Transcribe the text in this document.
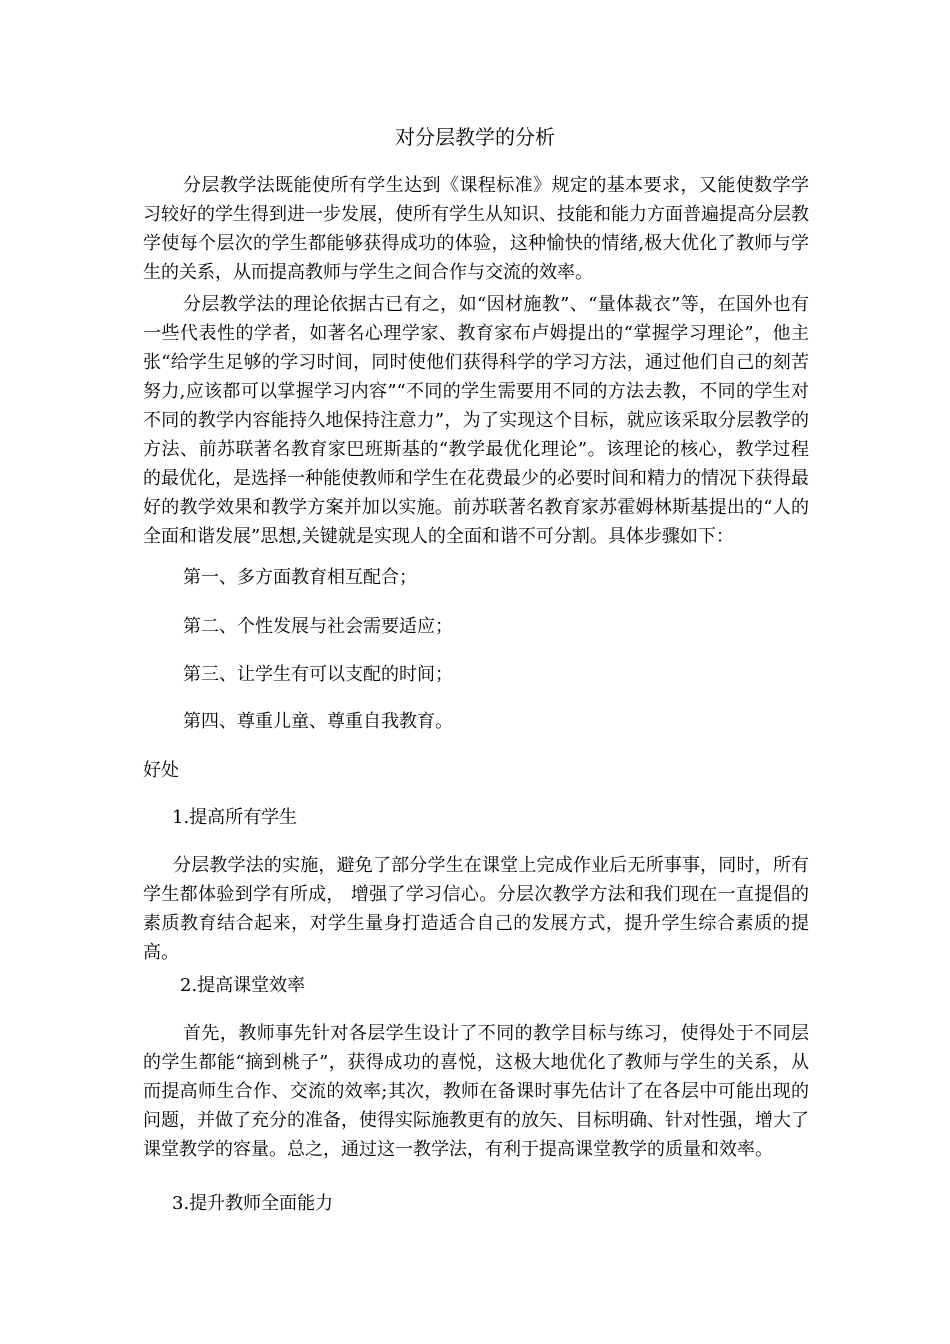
对分层教学的分析

分层教学法既能使所有学生达到《课程标准》规定的基本要求，又能使数学学习较好的学生得到进一步发展，使所有学生从知识、技能和能力方面普遍提高分层教学使每个层次的学生都能够获得成功的体验，这种愉快的情绪,极大优化了教师与学生的关系，从而提高教师与学生之间合作与交流的效率。

分层教学法的理论依据古已有之，如“因材施教”、“量体裁衣”等，在国外也有一些代表性的学者，如著名心理学家、教育家布卢姆提出的“掌握学习理论”，他主张“给学生足够的学习时间，同时使他们获得科学的学习方法，通过他们自己的刻苦努力,应该都可以掌握学习内容”“不同的学生需要用不同的方法去教，不同的学生对不同的教学内容能持久地保持注意力”，为了实现这个目标，就应该采取分层教学的方法、前苏联著名教育家巴班斯基的“教学最优化理论”。该理论的核心，教学过程的最优化，是选择一种能使教师和学生在花费最少的必要时间和精力的情况下获得最好的教学效果和教学方案并加以实施。前苏联著名教育家苏霍姆林斯基提出的“人的全面和谐发展”思想,关键就是实现人的全面和谐不可分割。具体步骤如下：

第一、多方面教育相互配合；

第二、个性发展与社会需要适应；

第三、让学生有可以支配的时间；

第四、尊重儿童、尊重自我教育。

好处

1.提高所有学生

分层教学法的实施，避免了部分学生在课堂上完成作业后无所事事，同时，所有学生都体验到学有所成， 增强了学习信心。分层次教学方法和我们现在一直提倡的素质教育结合起来，对学生量身打造适合自己的发展方式，提升学生综合素质的提高。

2.提高课堂效率

首先，教师事先针对各层学生设计了不同的教学目标与练习，使得处于不同层的学生都能“摘到桃子”，获得成功的喜悦，这极大地优化了教师与学生的关系，从而提高师生合作、交流的效率;其次，教师在备课时事先估计了在各层中可能出现的问题，并做了充分的准备，使得实际施教更有的放矢、目标明确、针对性强，增大了课堂教学的容量。总之，通过这一教学法，有利于提高课堂教学的质量和效率。

3.提升教师全面能力
